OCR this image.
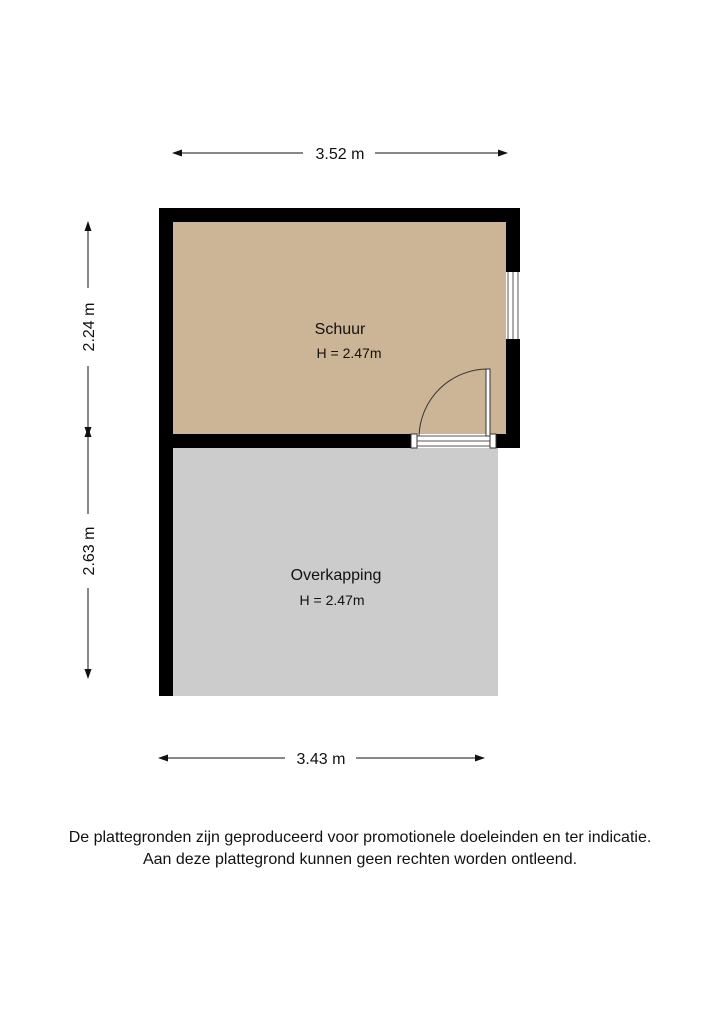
3.52 m
2.24 m
2.63 m
3.43 m
Schuur
H = 2.47m
Overkapping
H = 2.47m
De plattegronden zijn geproduceerd voor promotionele doeleinden en ter indicatie.
Aan deze plattegrond kunnen geen rechten worden ontleend.
